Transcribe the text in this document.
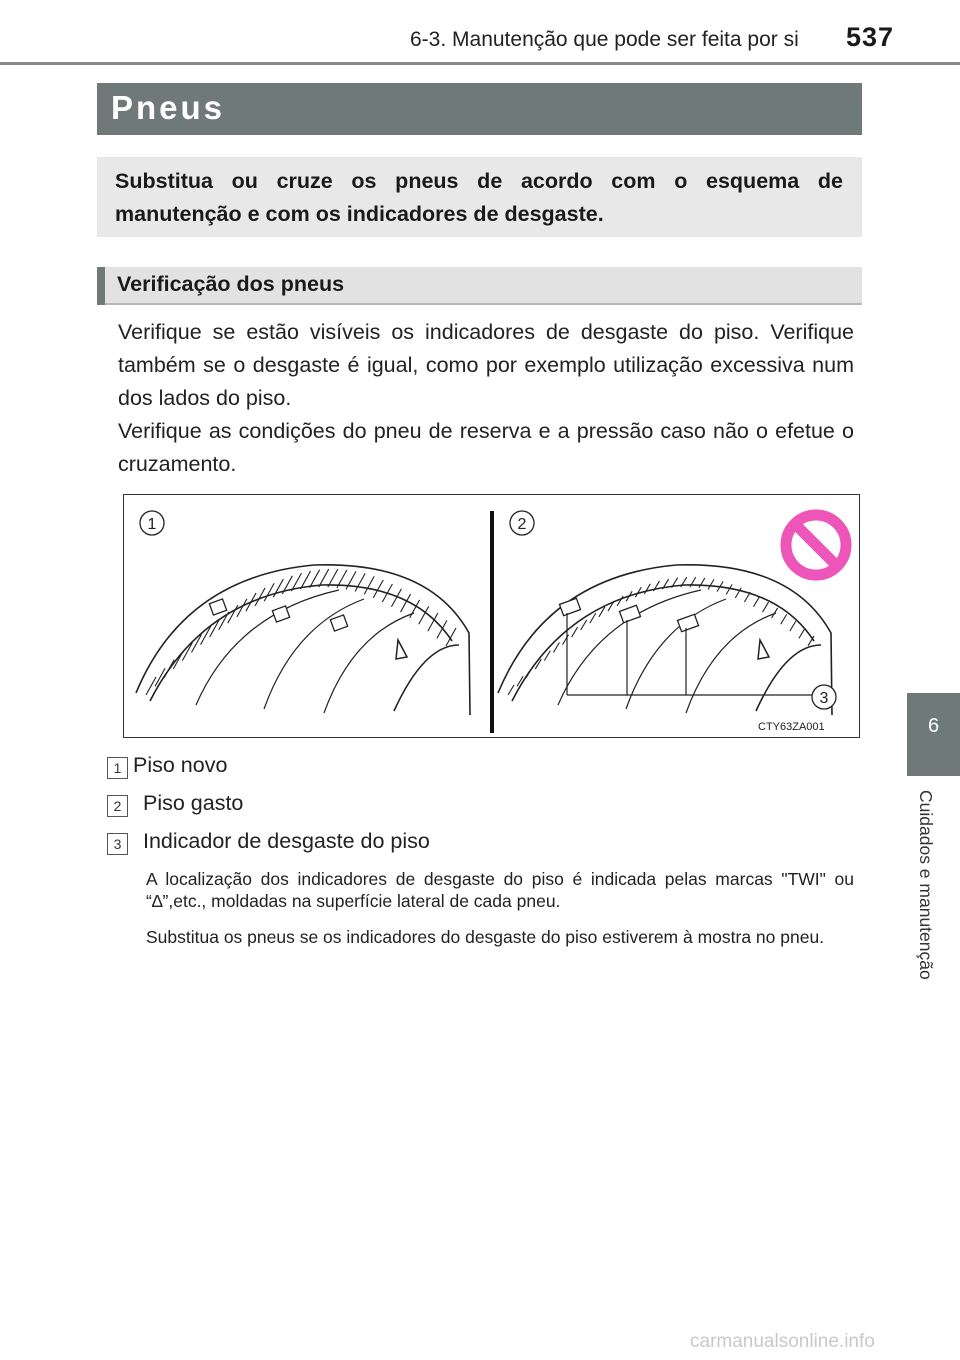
6-3. Manutenção que pode ser feita por si 537
Pneus
Substitua ou cruze os pneus de acordo com o esquema de manutenção e com os indicadores de desgaste.
Verificação dos pneus
Verifique se estão visíveis os indicadores de desgaste do piso. Verifique também se o desgaste é igual, como por exemplo utilização excessiva num dos lados do piso.
Verifique as condições do pneu de reserva e a pressão caso não o efetue o cruzamento.
1	2
3
CTY63ZA001
1 Piso novo
2	Piso gasto
3	Indicador de desgaste do piso
A localização dos indicadores de desgaste do piso é indicada pelas marcas "TWI" ou “∆”,etc., moldadas na superfície lateral de cada pneu.
Substitua os pneus se os indicadores do desgaste do piso estiverem à mostra no pneu.
6
Cuidados e manutenção
carmanualsonline.info
